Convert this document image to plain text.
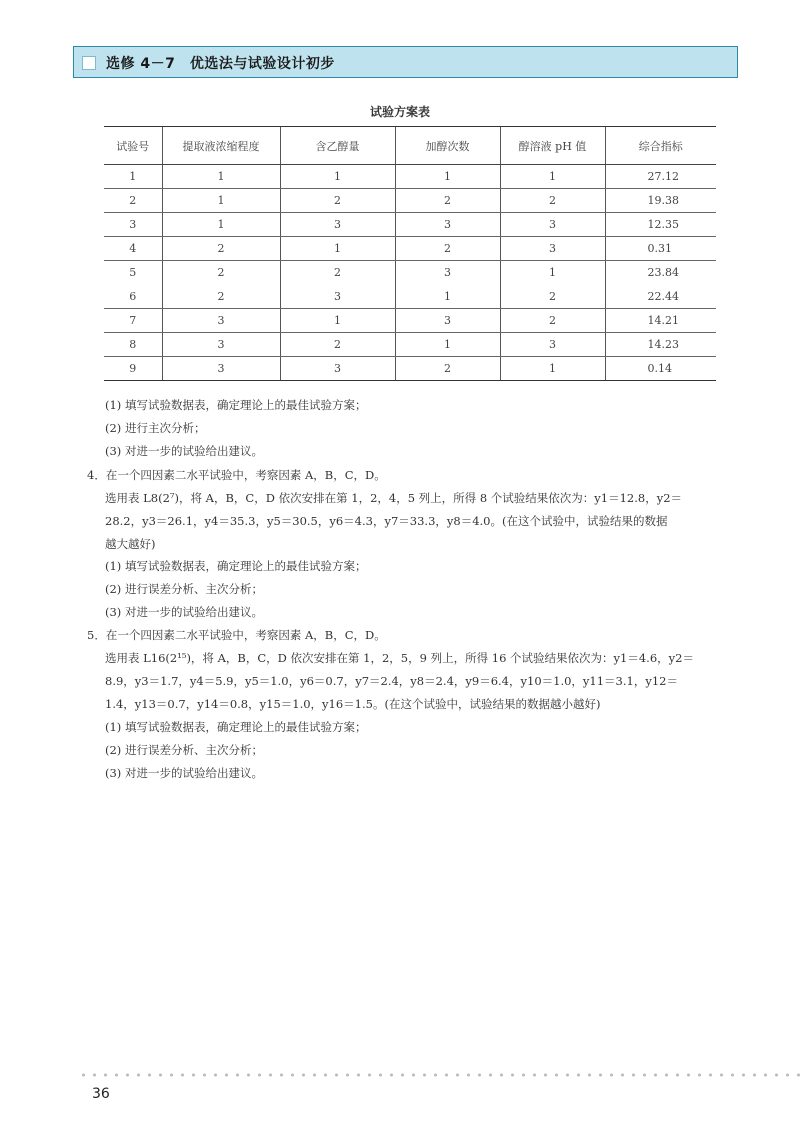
选修 4－7　优选法与试验设计初步
试验方案表
试验号	提取液浓缩程度	含乙醇量	加醇次数	醇溶液 pH 值	综合指标
1	1	1	1	1	27.12
2	1	2	2	2	19.38
3	1	3	3	3	12.35
4	2	1	2	3	0.31
5	2	2	3	1	23.84
6	2	3	1	2	22.44
7	3	1	3	2	14.21
8	3	2	1	3	14.23
9	3	3	2	1	0.14
(1) 填写试验数据表，确定理论上的最佳试验方案；
(2) 进行主次分析；
(3) 对进一步的试验给出建议。
4．在一个四因素二水平试验中，考察因素 A，B，C，D。
选用表 L8(2⁷)，将 A，B，C，D 依次安排在第 1，2，4，5 列上，所得 8 个试验结果依次为：y1＝12.8，y2＝
28.2，y3＝26.1，y4＝35.3，y5＝30.5，y6＝4.3，y7＝33.3，y8＝4.0。(在这个试验中，试验结果的数据
越大越好)
(1) 填写试验数据表，确定理论上的最佳试验方案；
(2) 进行误差分析、主次分析；
(3) 对进一步的试验给出建议。
5．在一个四因素二水平试验中，考察因素 A，B，C，D。
选用表 L16(2¹⁵)，将 A，B，C，D 依次安排在第 1，2，5，9 列上，所得 16 个试验结果依次为：y1＝4.6，y2＝
8.9，y3＝1.7，y4＝5.9，y5＝1.0，y6＝0.7，y7＝2.4，y8＝2.4，y9＝6.4，y10＝1.0，y11＝3.1，y12＝
1.4，y13＝0.7，y14＝0.8，y15＝1.0，y16＝1.5。(在这个试验中，试验结果的数据越小越好)
(1) 填写试验数据表，确定理论上的最佳试验方案；
(2) 进行误差分析、主次分析；
(3) 对进一步的试验给出建议。
36
